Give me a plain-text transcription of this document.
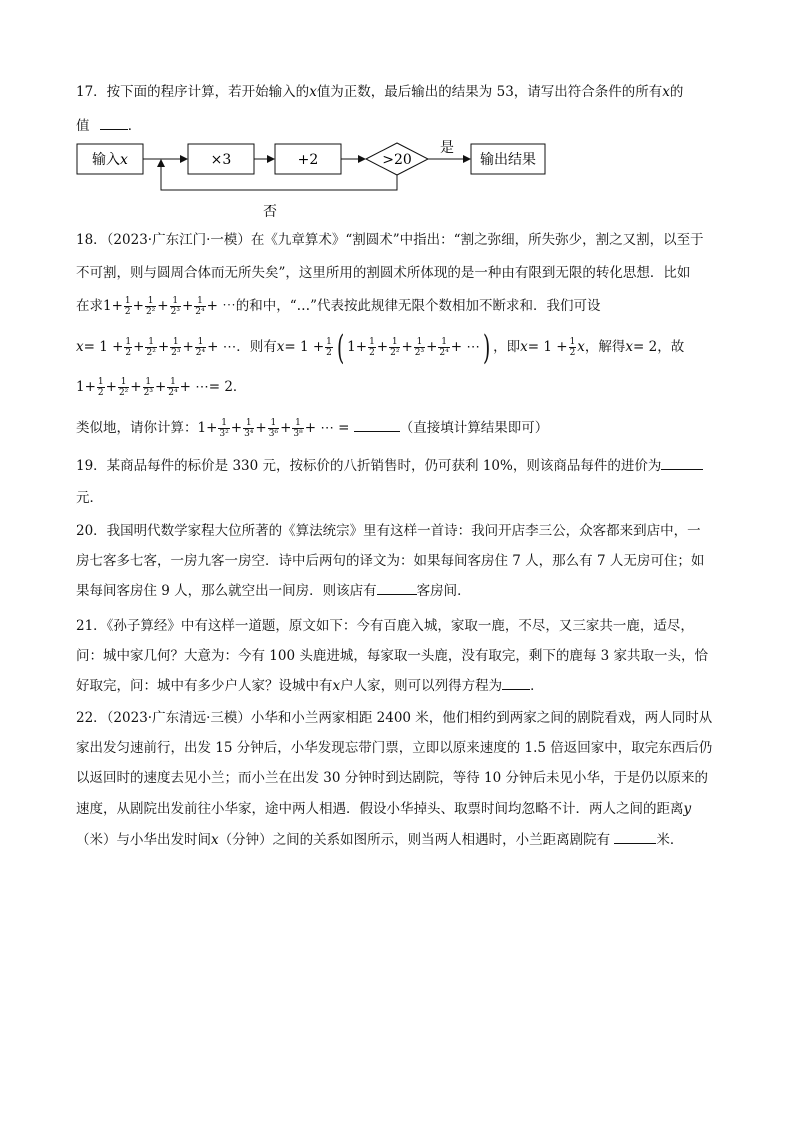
17．按下面的程序计算，若开始输入的x值为正数，最后输出的结果为 53，请写出符合条件的所有x的
值	．
输入x	×3	+2	>20
是
输出结果
否
18．（2023·广东江门·一模）在《九章算术》“割圆术”中指出：“割之弥细，所失弥少，割之又割，以至于
不可割，则与圆周合体而无所失矣”，这里所用的割圆术所体现的是一种由有限到无限的转化思想．比如
在求$1+ \frac{1}{2} + \frac{1}{\text{2²}} + \frac{1}{\text{2³}} + \frac{1}{\text{2⁴}}$ + ⋯的和中，“…”代表按此规律无限个数相加不断求和．我们可设
$x= 1 + \frac{1}{2} + \frac{1}{\text{2²}} + \frac{1}{\text{2³}} + \frac{1}{\text{2⁴}}$ + ⋯．则有$x= 1 + \frac{1}{2}$ ( $1+ \frac{1}{2} + \frac{1}{\text{2²}} + \frac{1}{\text{2³}} + \frac{1}{\text{2⁴}}$ + ⋯) ，即$x= 1 + \frac{1}{2}$ x，解得x= 2，故
$1+ \frac{1}{2} + \frac{1}{\text{2²}} + \frac{1}{\text{2³}} + \frac{1}{\text{2⁴}}$ + ⋯= 2．
类似地，请你计算：$1+ \frac{1}{\text{3²}} + \frac{1}{\text{3⁴}} + \frac{1}{\text{3⁶}} + \frac{1}{\text{3⁸}}$ + ⋯ =	（直接填计算结果即可）
19．某商品每件的标价是 330 元，按标价的八折销售时，仍可获利 10%，则该商品每件的进价为
元．
20．我国明代数学家程大位所著的《算法统宗》里有这样一首诗：我问开店李三公，众客都来到店中，一
房七客多七客，一房九客一房空．诗中后两句的译文为：如果每间客房住 7 人，那么有 7 人无房可住；如
果每间客房住 9 人，那么就空出一间房．则该店有	客房间．
21．《孙子算经》中有这样一道题，原文如下：今有百鹿入城，家取一鹿，不尽，又三家共一鹿，适尽，
问：城中家几何？大意为：今有 100 头鹿进城，每家取一头鹿，没有取完，剩下的鹿每 3 家共取一头，恰
好取完，问：城中有多少户人家？设城中有x户人家，则可以列得方程为 ．
22．（2023·广东清远·三模）小华和小兰两家相距 2400 米，他们相约到两家之间的剧院看戏，两人同时从
家出发匀速前行，出发 15 分钟后，小华发现忘带门票，立即以原来速度的 1.5 倍返回家中，取完东西后仍
以返回时的速度去见小兰；而小兰在出发 30 分钟时到达剧院，等待 10 分钟后未见小华，于是仍以原来的
速度，从剧院出发前往小华家，途中两人相遇．假设小华掉头、取票时间均忽略不计．两人之间的距离y
（米）与小华出发时间x（分钟）之间的关系如图所示，则当两人相遇时，小兰距离剧院有	米．
